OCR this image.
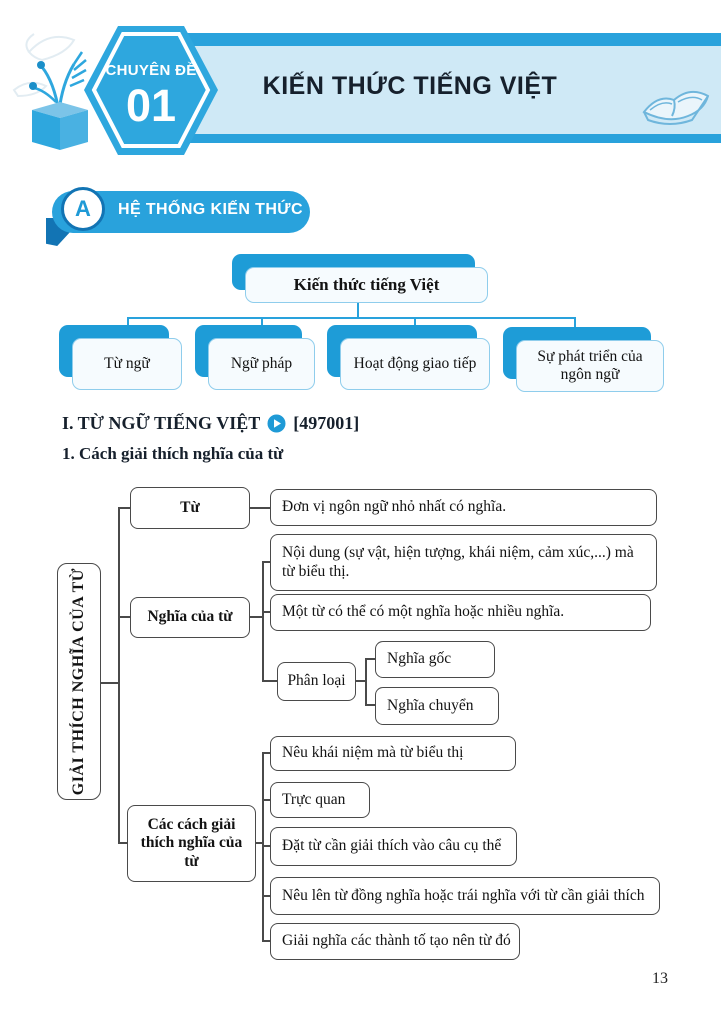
KIẾN THỨC TIẾNG VIỆT
CHUYÊN ĐỀ
01
A HỆ THỐNG KIẾN THỨC
Kiến thức tiếng Việt
Từ ngữ	Ngữ pháp	Hoạt động giao tiếp	Sự phát triển của ngôn ngữ
I. TỪ NGỮ TIẾNG VIỆT [497001]
1. Cách giải thích nghĩa của từ
GIẢI THÍCH NGHĨA CỦA TỪ
Từ
Nghĩa của từ
Các cách giải thích nghĩa của từ
Đơn vị ngôn ngữ nhỏ nhất có nghĩa.
Nội dung (sự vật, hiện tượng, khái niệm, cảm xúc,...) mà từ biểu thị.
Một từ có thể có một nghĩa hoặc nhiều nghĩa.
Phân loại
Nghĩa gốc
Nghĩa chuyển
Nêu khái niệm mà từ biểu thị
Trực quan
Đặt từ cần giải thích vào câu cụ thể
Nêu lên từ đồng nghĩa hoặc trái nghĩa với từ cần giải thích
Giải nghĩa các thành tố tạo nên từ đó
13
